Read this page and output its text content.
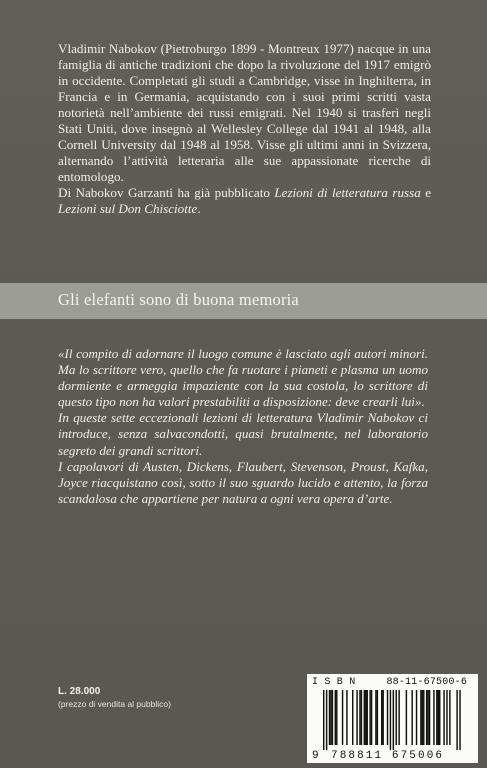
Vladimir Nabokov (Pietroburgo 1899 - Montreux 1977) nacque in una famiglia di antiche tradizioni che dopo la rivoluzione del 1917 emigrò in occidente. Completati gli studi a Cambridge, visse in Inghilterra, in Francia e in Germania, acquistando con i suoi primi scritti vasta notorietà nell’ambiente dei russi emigrati. Nel 1940 si trasferì negli Stati Uniti, dove insegnò al Wellesley College dal 1941 al 1948, alla Cornell University dal 1948 al 1958. Visse gli ultimi anni in Svizzera, alternando l’attività letteraria alle sue appassionate ricerche di entomologo.

Di Nabokov Garzanti ha già pubblicato Lezioni di letteratura russa e Lezioni sul Don Chisciotte.

Gli elefanti sono di buona memoria

«Il compito di adornare il luogo comune è lasciato agli autori minori. Ma lo scrittore vero, quello che fa ruotare i pianeti e plasma un uomo dormiente e armeggia impaziente con la sua costola, lo scrittore di questo tipo non ha valori prestabiliti a disposizione: deve crearli lui».

In queste sette eccezionali lezioni di letteratura Vladimir Nabokov ci introduce, senza salvacondotti, quasi brutalmente, nel laboratorio segreto dei grandi scrittori.

I capolavori di Austen, Dickens, Flaubert, Stevenson, Proust, Kafka, Joyce riacquistano così, sotto il suo sguardo lucido e attento, la forza scandalosa che appartiene per natura a ogni vera opera d’arte.

L. 28.000
(prezzo di vendita al pubblico)
I S B N	88-11-67500-6
9 788811 675006
